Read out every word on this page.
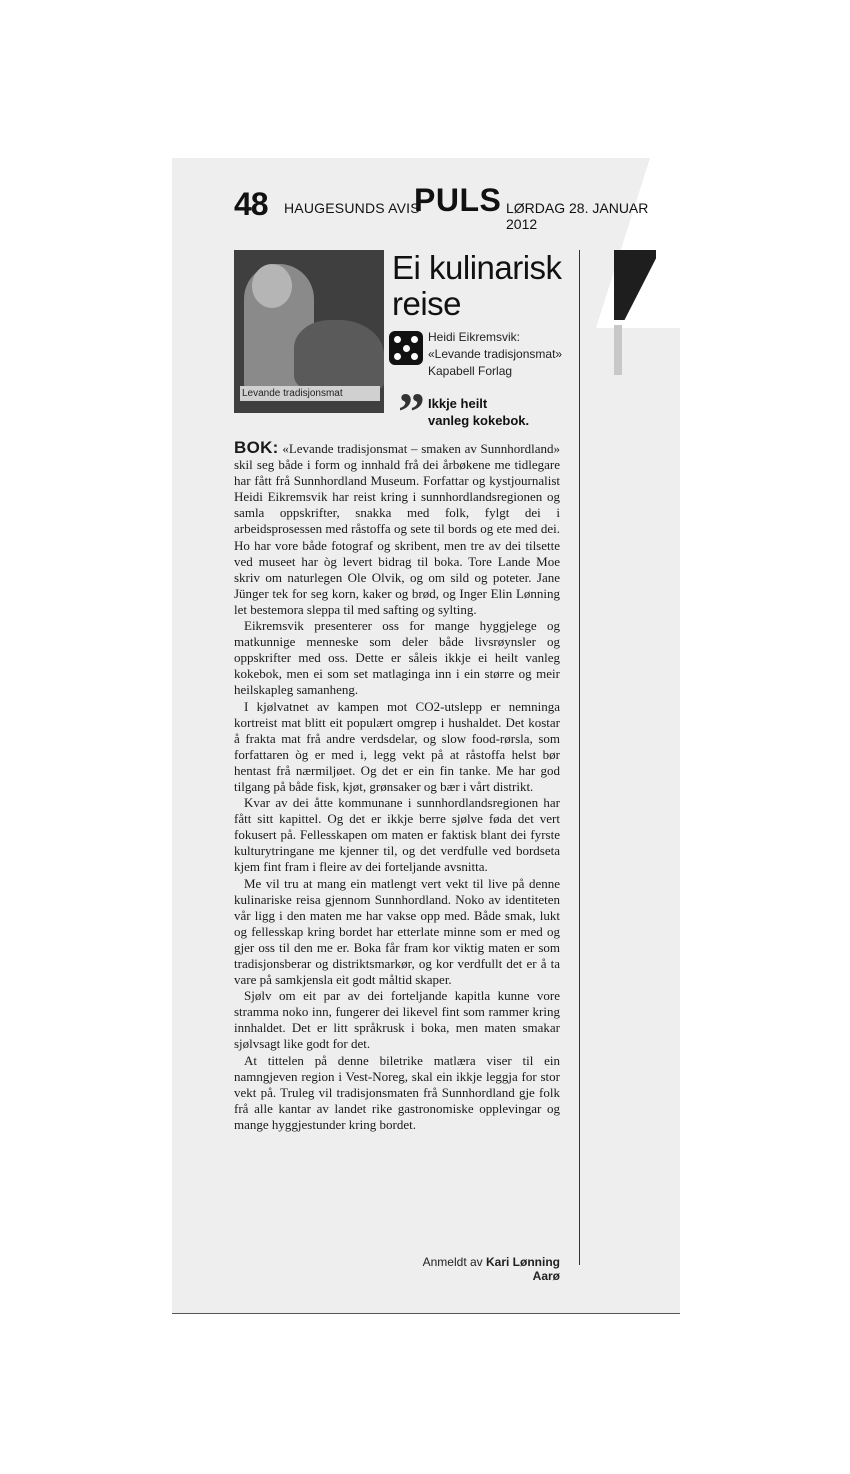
48 HAUGESUNDS AVIS
PULS LØRDAG 28. JANUAR 2012
Levande tradisjonsmat
Ei kulinarisk
reise
Heidi Eikremsvik:
«Levande tradisjonsmat»
Kapabell Forlag
” Ikkje heilt
vanleg kokebok.

BOK: «Levande tradisjonsmat – smaken av Sunnhordland» skil seg både i form og innhald frå dei årbøkene me tidlegare har fått frå Sunnhordland Museum. Forfattar og kystjournalist Heidi Eikremsvik har reist kring i sunnhordlandsregionen og samla oppskrifter, snakka med folk, fylgt dei i arbeidsprosessen med råstoffa og sete til bords og ete med dei. Ho har vore både fotograf og skribent, men tre av dei tilsette ved museet har òg levert bidrag til boka. Tore Lande Moe skriv om naturlegen Ole Olvik, og om sild og poteter. Jane Jünger tek for seg korn, kaker og brød, og Inger Elin Lønning let bestemora sleppa til med safting og sylting.

Eikremsvik presenterer oss for mange hyggjelege og matkunnige menneske som deler både livsrøynsler og oppskrifter med oss. Dette er såleis ikkje ei heilt vanleg kokebok, men ei som set matlaginga inn i ein større og meir heilskapleg samanheng.

I kjølvatnet av kampen mot CO2-utslepp er nemninga kortreist mat blitt eit populært omgrep i hushaldet. Det kostar å frakta mat frå andre verdsdelar, og slow food-rørsla, som forfattaren òg er med i, legg vekt på at råstoffa helst bør hentast frå nærmiljøet. Og det er ein fin tanke. Me har god tilgang på både fisk, kjøt, grønsaker og bær i vårt distrikt.

Kvar av dei åtte kommunane i sunnhordlandsregionen har fått sitt kapittel. Og det er ikkje berre sjølve føda det vert fokusert på. Fellesskapen om maten er faktisk blant dei fyrste kulturytringane me kjenner til, og det verdfulle ved bordseta kjem fint fram i fleire av dei forteljande avsnitta.

Me vil tru at mang ein matlengt vert vekt til live på denne kulinariske reisa gjennom Sunnhordland. Noko av identiteten vår ligg i den maten me har vakse opp med. Både smak, lukt og fellesskap kring bordet har etterlate minne som er med og gjer oss til den me er. Boka får fram kor viktig maten er som tradisjonsberar og distriktsmarkør, og kor verdfullt det er å ta vare på samkjensla eit godt måltid skaper.

Sjølv om eit par av dei forteljande kapitla kunne vore stramma noko inn, fungerer dei likevel fint som rammer kring innhaldet. Det er litt språkrusk i boka, men maten smakar sjølvsagt like godt for det.

At tittelen på denne biletrike matlæra viser til ein namngjeven region i Vest-Noreg, skal ein ikkje leggja for stor vekt på. Truleg vil tradisjonsmaten frå Sunnhordland gje folk frå alle kantar av landet rike gastronomiske opplevingar og mange hyggjestunder kring bordet.

Anmeldt av Kari Lønning Aarø
